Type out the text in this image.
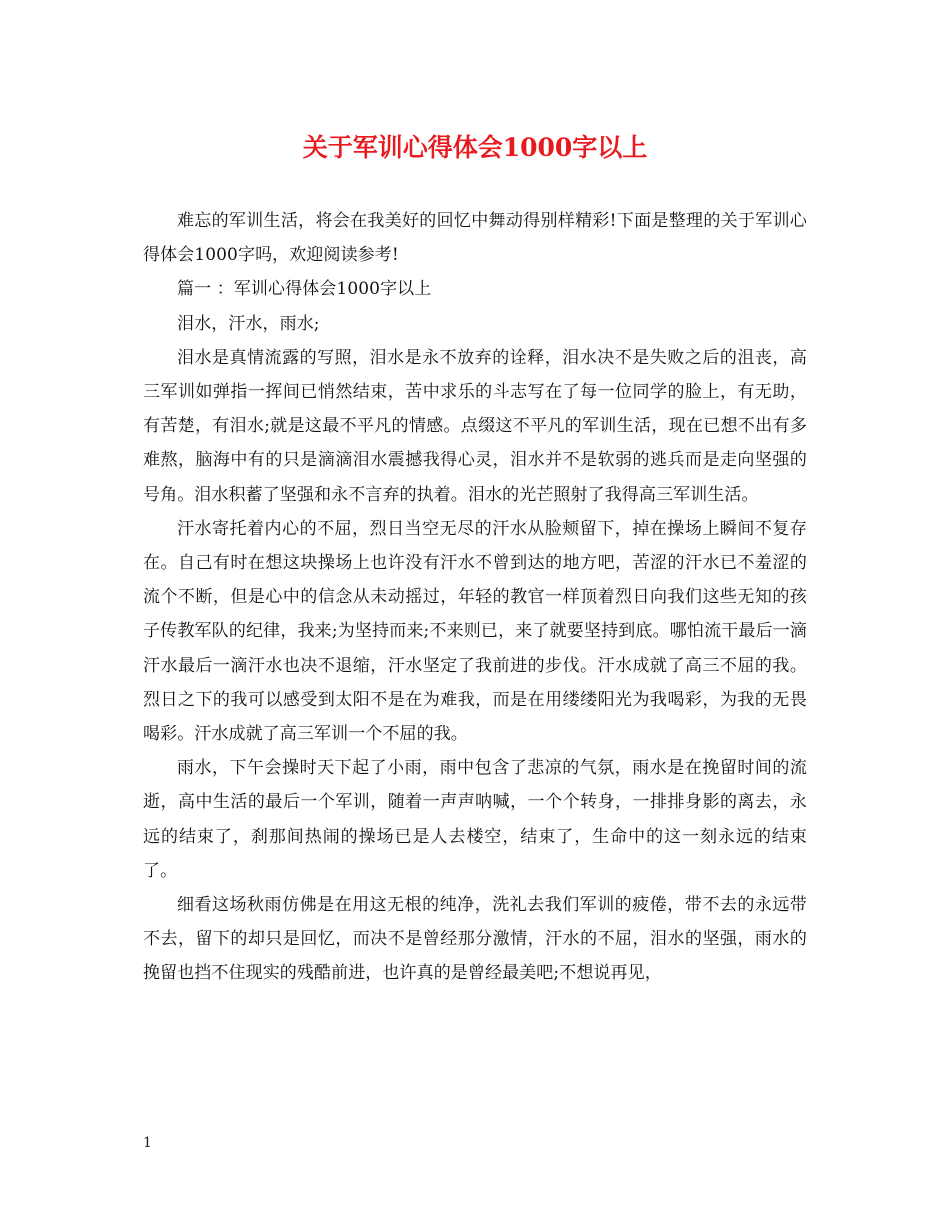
关于军训心得体会1000字以上

难忘的军训生活，将会在我美好的回忆中舞动得别样精彩!下面是整理的关于军训心得体会1000字吗，欢迎阅读参考!

篇一 ：军训心得体会1000字以上

泪水，汗水，雨水;

泪水是真情流露的写照，泪水是永不放弃的诠释，泪水决不是失败之后的沮丧，高三军训如弹指一挥间已悄然结束，苦中求乐的斗志写在了每一位同学的脸上，有无助，有苦楚，有泪水;就是这最不平凡的情感。点缀这不平凡的军训生活，现在已想不出有多难熬，脑海中有的只是滴滴泪水震撼我得心灵，泪水并不是软弱的逃兵而是走向坚强的号角。泪水积蓄了坚强和永不言弃的执着。泪水的光芒照射了我得高三军训生活。

汗水寄托着内心的不屈，烈日当空无尽的汗水从脸颊留下，掉在操场上瞬间不复存在。自己有时在想这块操场上也许没有汗水不曾到达的地方吧，苦涩的汗水已不羞涩的流个不断，但是心中的信念从未动摇过，年轻的教官一样顶着烈日向我们这些无知的孩子传教军队的纪律，我来;为坚持而来;不来则已，来了就要坚持到底。哪怕流干最后一滴汗水最后一滴汗水也决不退缩，汗水坚定了我前进的步伐。汗水成就了高三不屈的我。烈日之下的我可以感受到太阳不是在为难我，而是在用缕缕阳光为我喝彩，为我的无畏喝彩。汗水成就了高三军训一个不屈的我。

雨水，下午会操时天下起了小雨，雨中包含了悲凉的气氛，雨水是在挽留时间的流逝，高中生活的最后一个军训，随着一声声呐喊，一个个转身，一排排身影的离去，永远的结束了，刹那间热闹的操场已是人去楼空，结束了，生命中的这一刻永远的结束了。

细看这场秋雨仿佛是在用这无根的纯净，洗礼去我们军训的疲倦，带不去的永远带不去，留下的却只是回忆，而决不是曾经那分激情，汗水的不屈，泪水的坚强，雨水的挽留也挡不住现实的残酷前进，也许真的是曾经最美吧;不想说再见，

1
